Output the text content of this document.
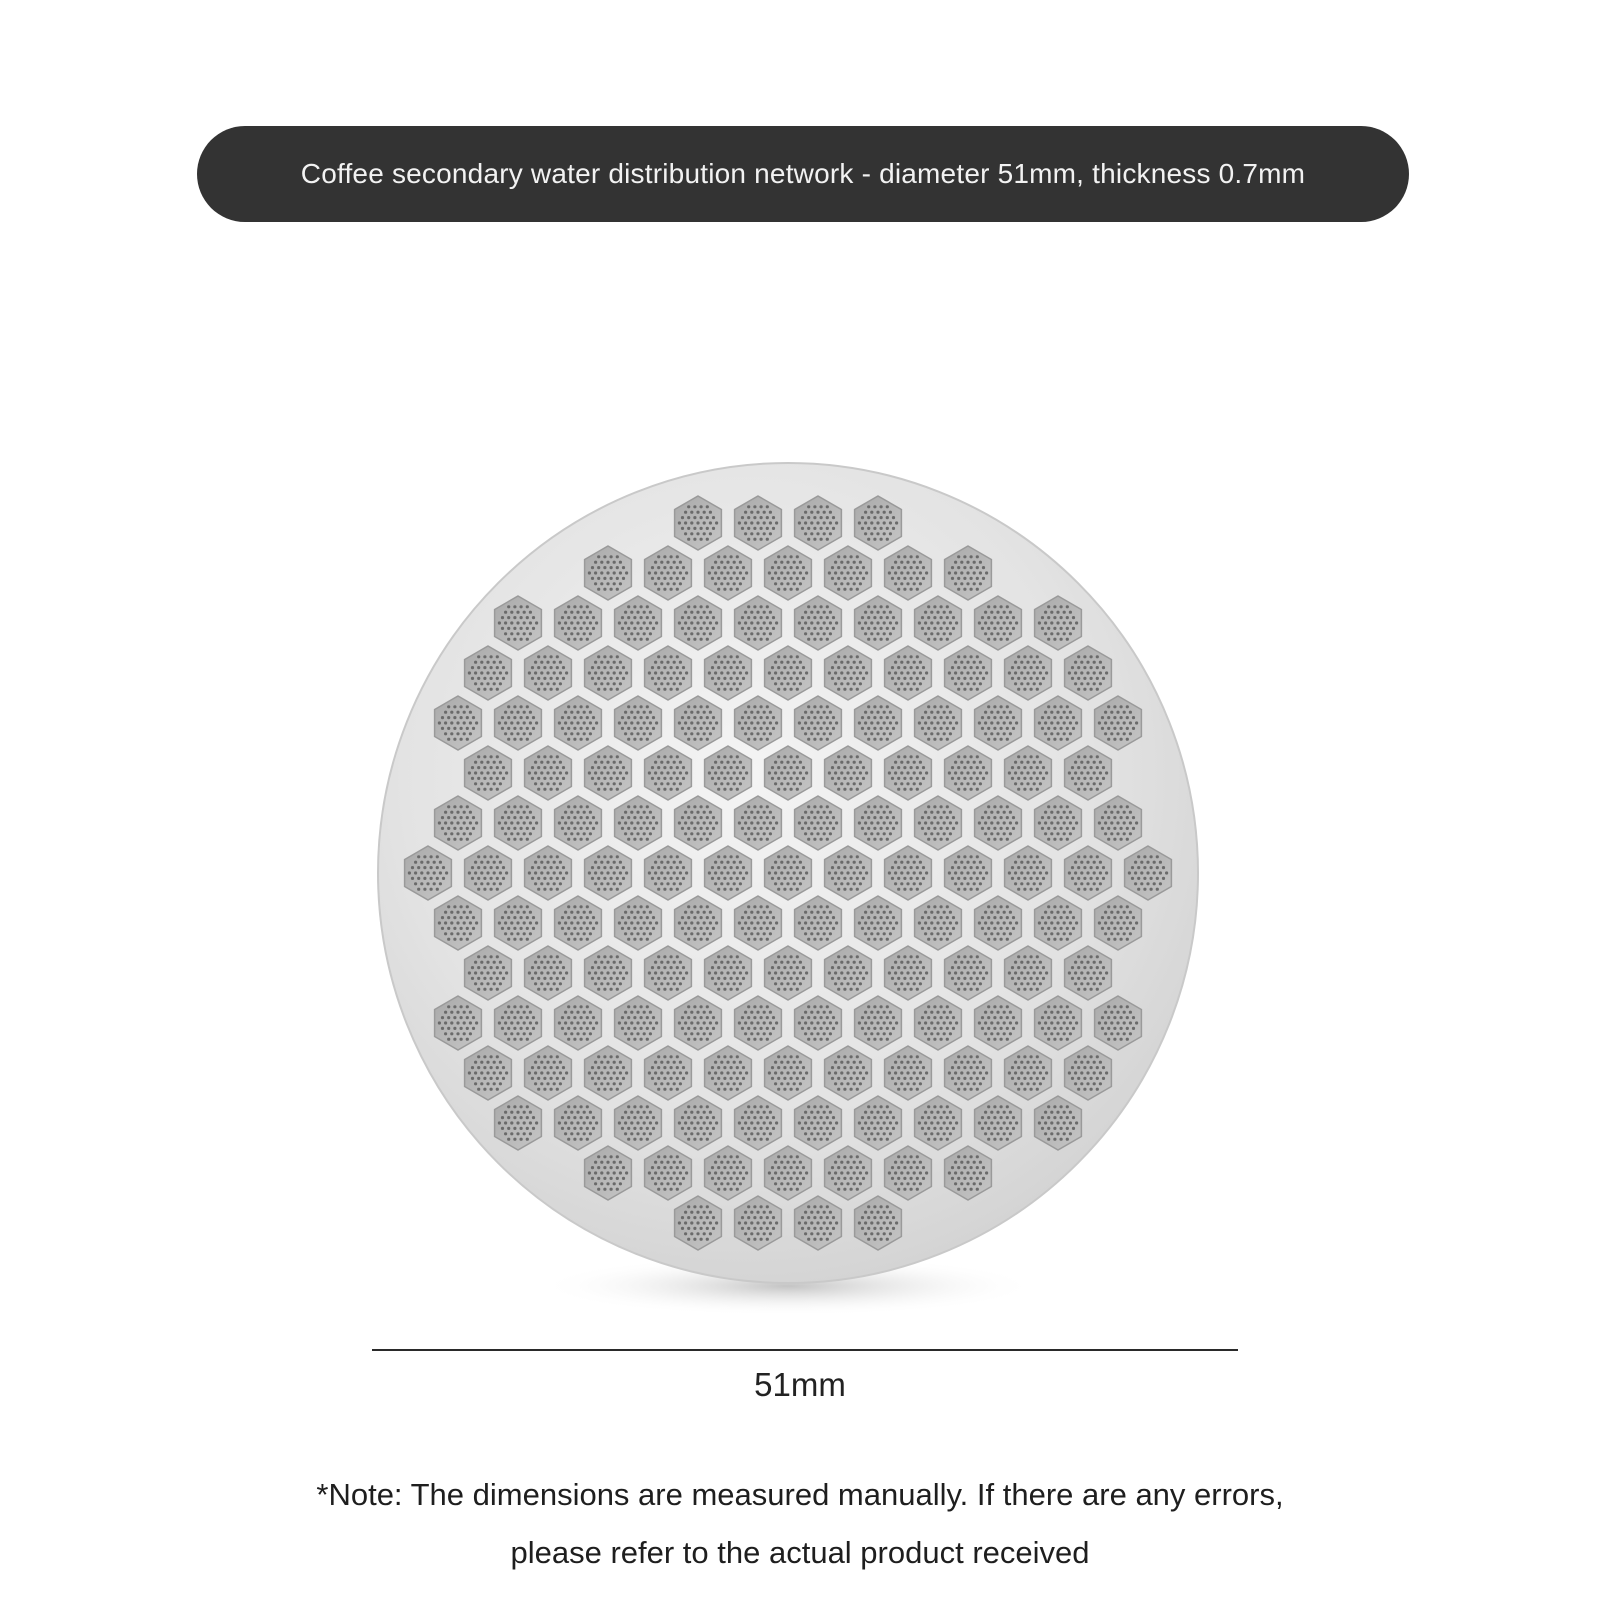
Coffee secondary water distribution network - diameter 51mm, thickness 0.7mm
51mm
*Note: The dimensions are measured manually. If there are any errors,
please refer to the actual product received
